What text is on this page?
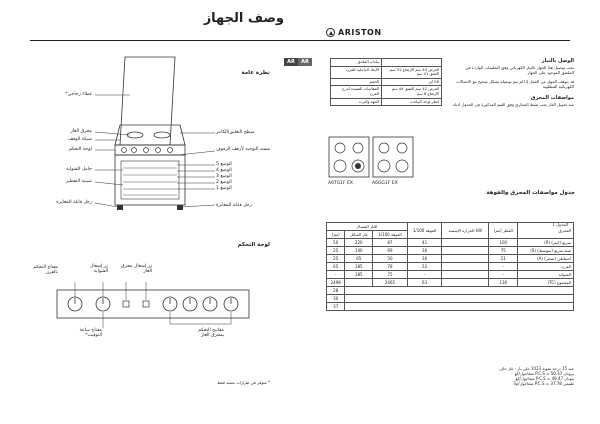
وصف الجهاز
ARISTON
AR	AR
نظرة عامة
غطاء زجاجي*
محرق الغاز
شبكة الوقف
لوحة التحكم
حامل الشواية
صينية التقطير
رجل قابلة للمعايرة
سطح التعليق/الكانتر
مسند التوجيه لأرفف الرفوف
الوضع 5
الوضع 4
الوضع 3
الوضع 2
الوضع 1
رجل قابلة للمعايرة
لوحة التحكم
مفتاح التحكم بالفرن
زر إشعال الشواية
زر إشعال محرق الغاز
مفتاح ساعة التوقيت*
مفاتيح التحكم بمحرق الغاز
* متوفر في طرازات معينة فقط
	بيانات الملحق
العرض 43 سم الارتفاع 31 سم العمق 41 سم	الأبعاد الداخلية للفرن
58 لتر	الحجم
العرض 42 سم العمق 44 سم الارتفاع 8 سم	المقاسات المفيدة لدرج الفرن
انظر لوحة البيانات	الجهد والتردد
A6TG1F EX	A6GG1F EX
الوصل بالتيار
يجب توصيل هذا الجهاز بالتيار الكهربائي وفق التعليمات الواردة في الملصق الموجود على الجهاز
قد يتوقف الجهاز عن العمل إذا لم يتم توصيله بشكل صحيح مع الاتصالات الكهربائية المطلوبة
مواصفات المحرق
عند تحويل الغاز يجب ضبط المحارق وفق القيم المذكورة في الجدول أدناه
جدول مواصفات المحرق والفوهة
الجدول 1
الغاز المسال			الفوهة 1/100	الحرارة الإسمية kW	القطر (مم)	المحرق
(مم)	غاز السائل	الفوهة 1/100				
50	220	87	41		100	سريع (كبير) (R)
25	140	69	30		75	شبه سريع (متوسط) (S)
25	65	50	30		51	احتياطي (صغير) (A)
65	185	78	52		-	الفرن
-	185	75	-		-	الشواية
2498		2465	63		130	المجموع (TC)
28						
30						
37						
عند 15 درجة مئوية 1013 ملي بار - غاز جاف
بروبان P.C.S = 50.37 ميغاجول/كغ
بيوتان P.C.S = 49.47 ميغاجول/كغ
طبيعي P.C.S = 37.78 ميغاجول/م3
